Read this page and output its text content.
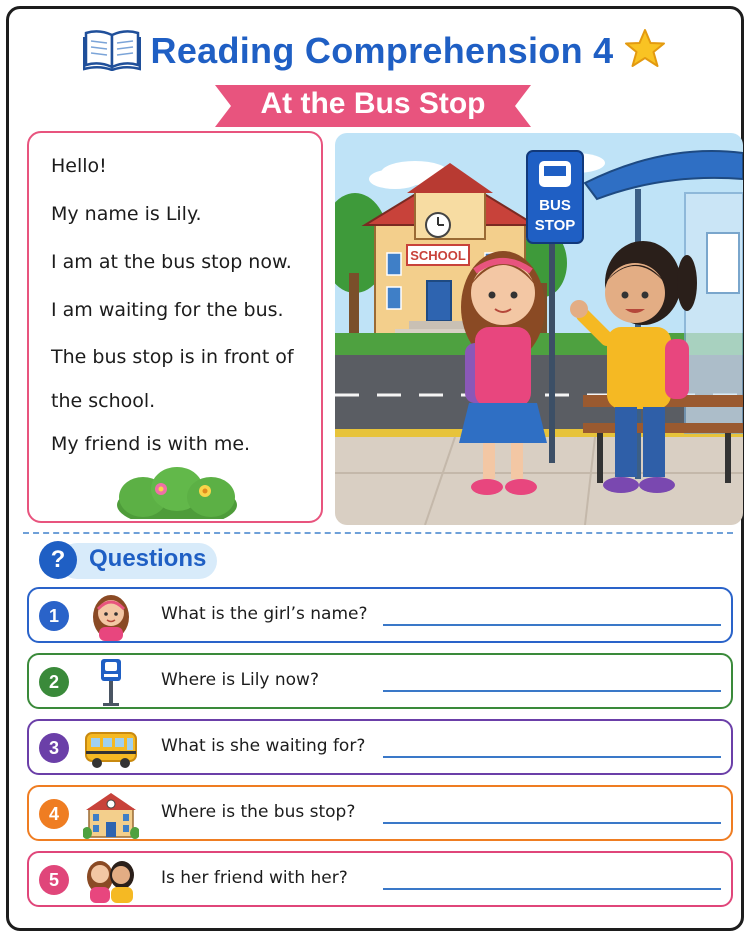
Reading Comprehension 4
At the Bus Stop
Hello!
My name is Lily.
I am at the bus stop now.
I am waiting for the bus.
The bus stop is in front of
the school.
My friend is with me.
SCHOOL
BUS
STOP
? Questions
1	What is the girl’s name?
2	Where is Lily now?
3	What is she waiting for?
4	Where is the bus stop?
5	Is her friend with her?
